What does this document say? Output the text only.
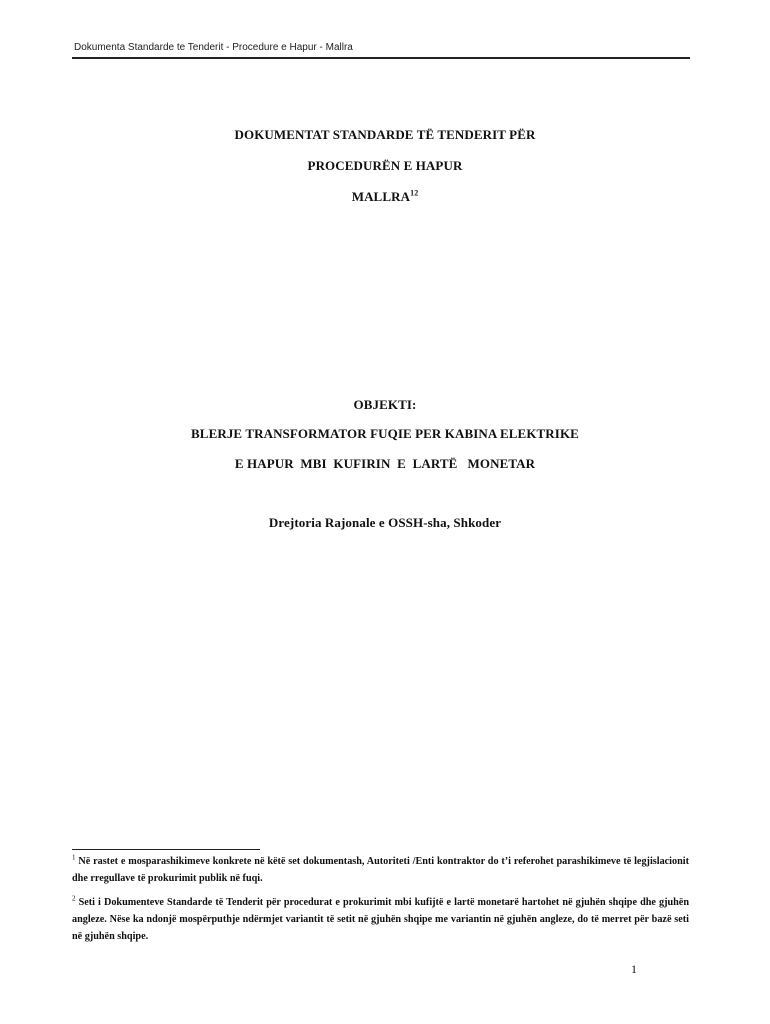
Dokumenta Standarde te Tenderit - Procedure e Hapur - Mallra
DOKUMENTAT STANDARDE TË TENDERIT PËR
PROCEDURËN E HAPUR
MALLRA$^{12}$
OBJEKTI:
BLERJE TRANSFORMATOR FUQIE PER KABINA ELEKTRIKE
E HAPUR  MBI  KUFIRIN  E  LARTË   MONETAR
Drejtoria Rajonale e OSSH-sha, Shkoder
$^1$ Në rastet e mosparashikimeve konkrete në këtë set dokumentash, Autoriteti /Enti kontraktor do t’i referohet parashikimeve të legjislacionit dhe rregullave të prokurimit publik në fuqi.
$^2$ Seti i Dokumenteve Standarde të Tenderit për procedurat e prokurimit mbi kufijtë e lartë monetarë hartohet në gjuhën shqipe dhe gjuhën angleze. Nëse ka ndonjë mospërputhje ndërmjet variantit të setit në gjuhën shqipe me variantin në gjuhën angleze, do të merret për bazë seti në gjuhën shqipe.
1
